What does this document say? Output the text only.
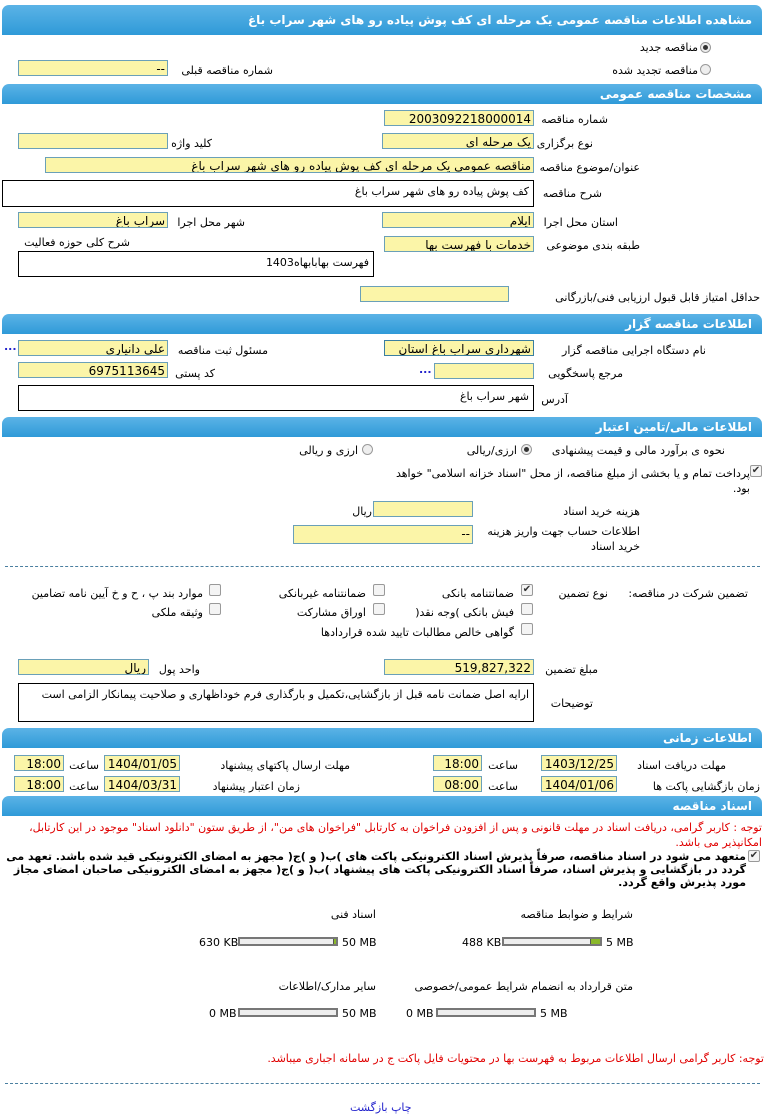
مشاهده اطلاعات مناقصه عمومی یک مرحله ای کف پوش پیاده رو های شهر سراب باغ
مناقصه جدید
مناقصه تجدید شده
شماره مناقصه قبلی
--
مشخصات مناقصه عمومی
شماره مناقصه
2003092218000014
نوع برگزاری
یک مرحله ای
کلید واژه
عنوان/موضوع مناقصه
مناقصه عمومی یک مرحله ای کف پوش پیاده رو های شهر سراب باغ
شرح مناقصه
کف پوش پیاده رو های شهر سراب باغ
استان محل اجرا
ایلام
شهر محل اجرا
سراب باغ
طبقه بندی موضوعی
خدمات با فهرست بها
شرح کلی حوزه فعالیت
فهرست بهابابهاه1403
حداقل امتیاز قابل قبول ارزیابی فنی/بازرگانی
اطلاعات مناقصه گزار
نام دستگاه اجرایی مناقصه گزار
شهرداری سراب باغ استان
مسئول ثبت مناقصه
علی دانیاری
...
مرجع پاسخگویی
...
کد پستی
6975113645
آدرس
شهر سراب باغ
اطلاعات مالی/تامین اعتبار
نحوه ی برآورد مالی و قیمت پیشنهادی
ارزی/ریالی
ارزی و ریالی
✔
پرداخت تمام و یا بخشی از مبلغ مناقصه، از محل "اسناد خزانه اسلامی" خواهد بود.
هزینه خرید اسناد
ریال
اطلاعات حساب جهت واریز هزینه خرید اسناد
--
تضمین شرکت در مناقصه:
نوع تضمین
✔
ضمانتنامه بانکی
ضمانتنامه غیربانکی
موارد بند پ ، ح و خ آیین نامه تضامین
فیش بانکی )وجه نقد(
اوراق مشارکت
وثیقه ملکی
گواهی خالص مطالبات تایید شده قراردادها
مبلغ تضمین
519,827,322
واحد پول
ریال
توضیحات
ارایه اصل ضمانت نامه قبل از بازگشایی،تکمیل و بارگذاری فرم خوداظهاری و صلاحیت پیمانکار الزامی است
اطلاعات زمانی
مهلت دریافت اسناد
1403/12/25
ساعت
18:00
مهلت ارسال پاکتهای پیشنهاد
1404/01/05
ساعت
18:00
زمان بازگشایی پاکت ها
1404/01/06
ساعت
08:00
زمان اعتبار پیشنهاد
1404/03/31
ساعت
18:00
اسناد مناقصه
توجه : کاربر گرامی، دریافت اسناد در مهلت قانونی و پس از افزودن فراخوان به کارتابل "فراخوان های من"، از طریق ستون "دانلود اسناد" موجود در این کارتابل، امکانپذیر می باشد.
✔
متعهد می شود در اسناد مناقصه، صرفاً پذیرش اسناد الکترونیکی پاکت های )ب( و )ج( مجهز به امضای الکترونیکی قید شده باشد. تعهد می گردد در بازگشایی و پذیرش اسناد، صرفاً اسناد الکترونیکی پاکت های پیشنهاد )ب( و )ج( مجهز به امضای الکترونیکی صاحبان امضای مجاز مورد پذیرش واقع گردد.
شرایط و ضوابط مناقصه
5 MB
488 KB
اسناد فنی
50 MB
630 KB
متن قرارداد به انضمام شرایط عمومی/خصوصی
5 MB
0 MB
سایر مدارک/اطلاعات
50 MB
0 MB
توجه: کاربر گرامی ارسال اطلاعات مربوط به فهرست بها در محتویات فایل پاکت ج در سامانه اجباری میباشد.
چاپ بازگشت
